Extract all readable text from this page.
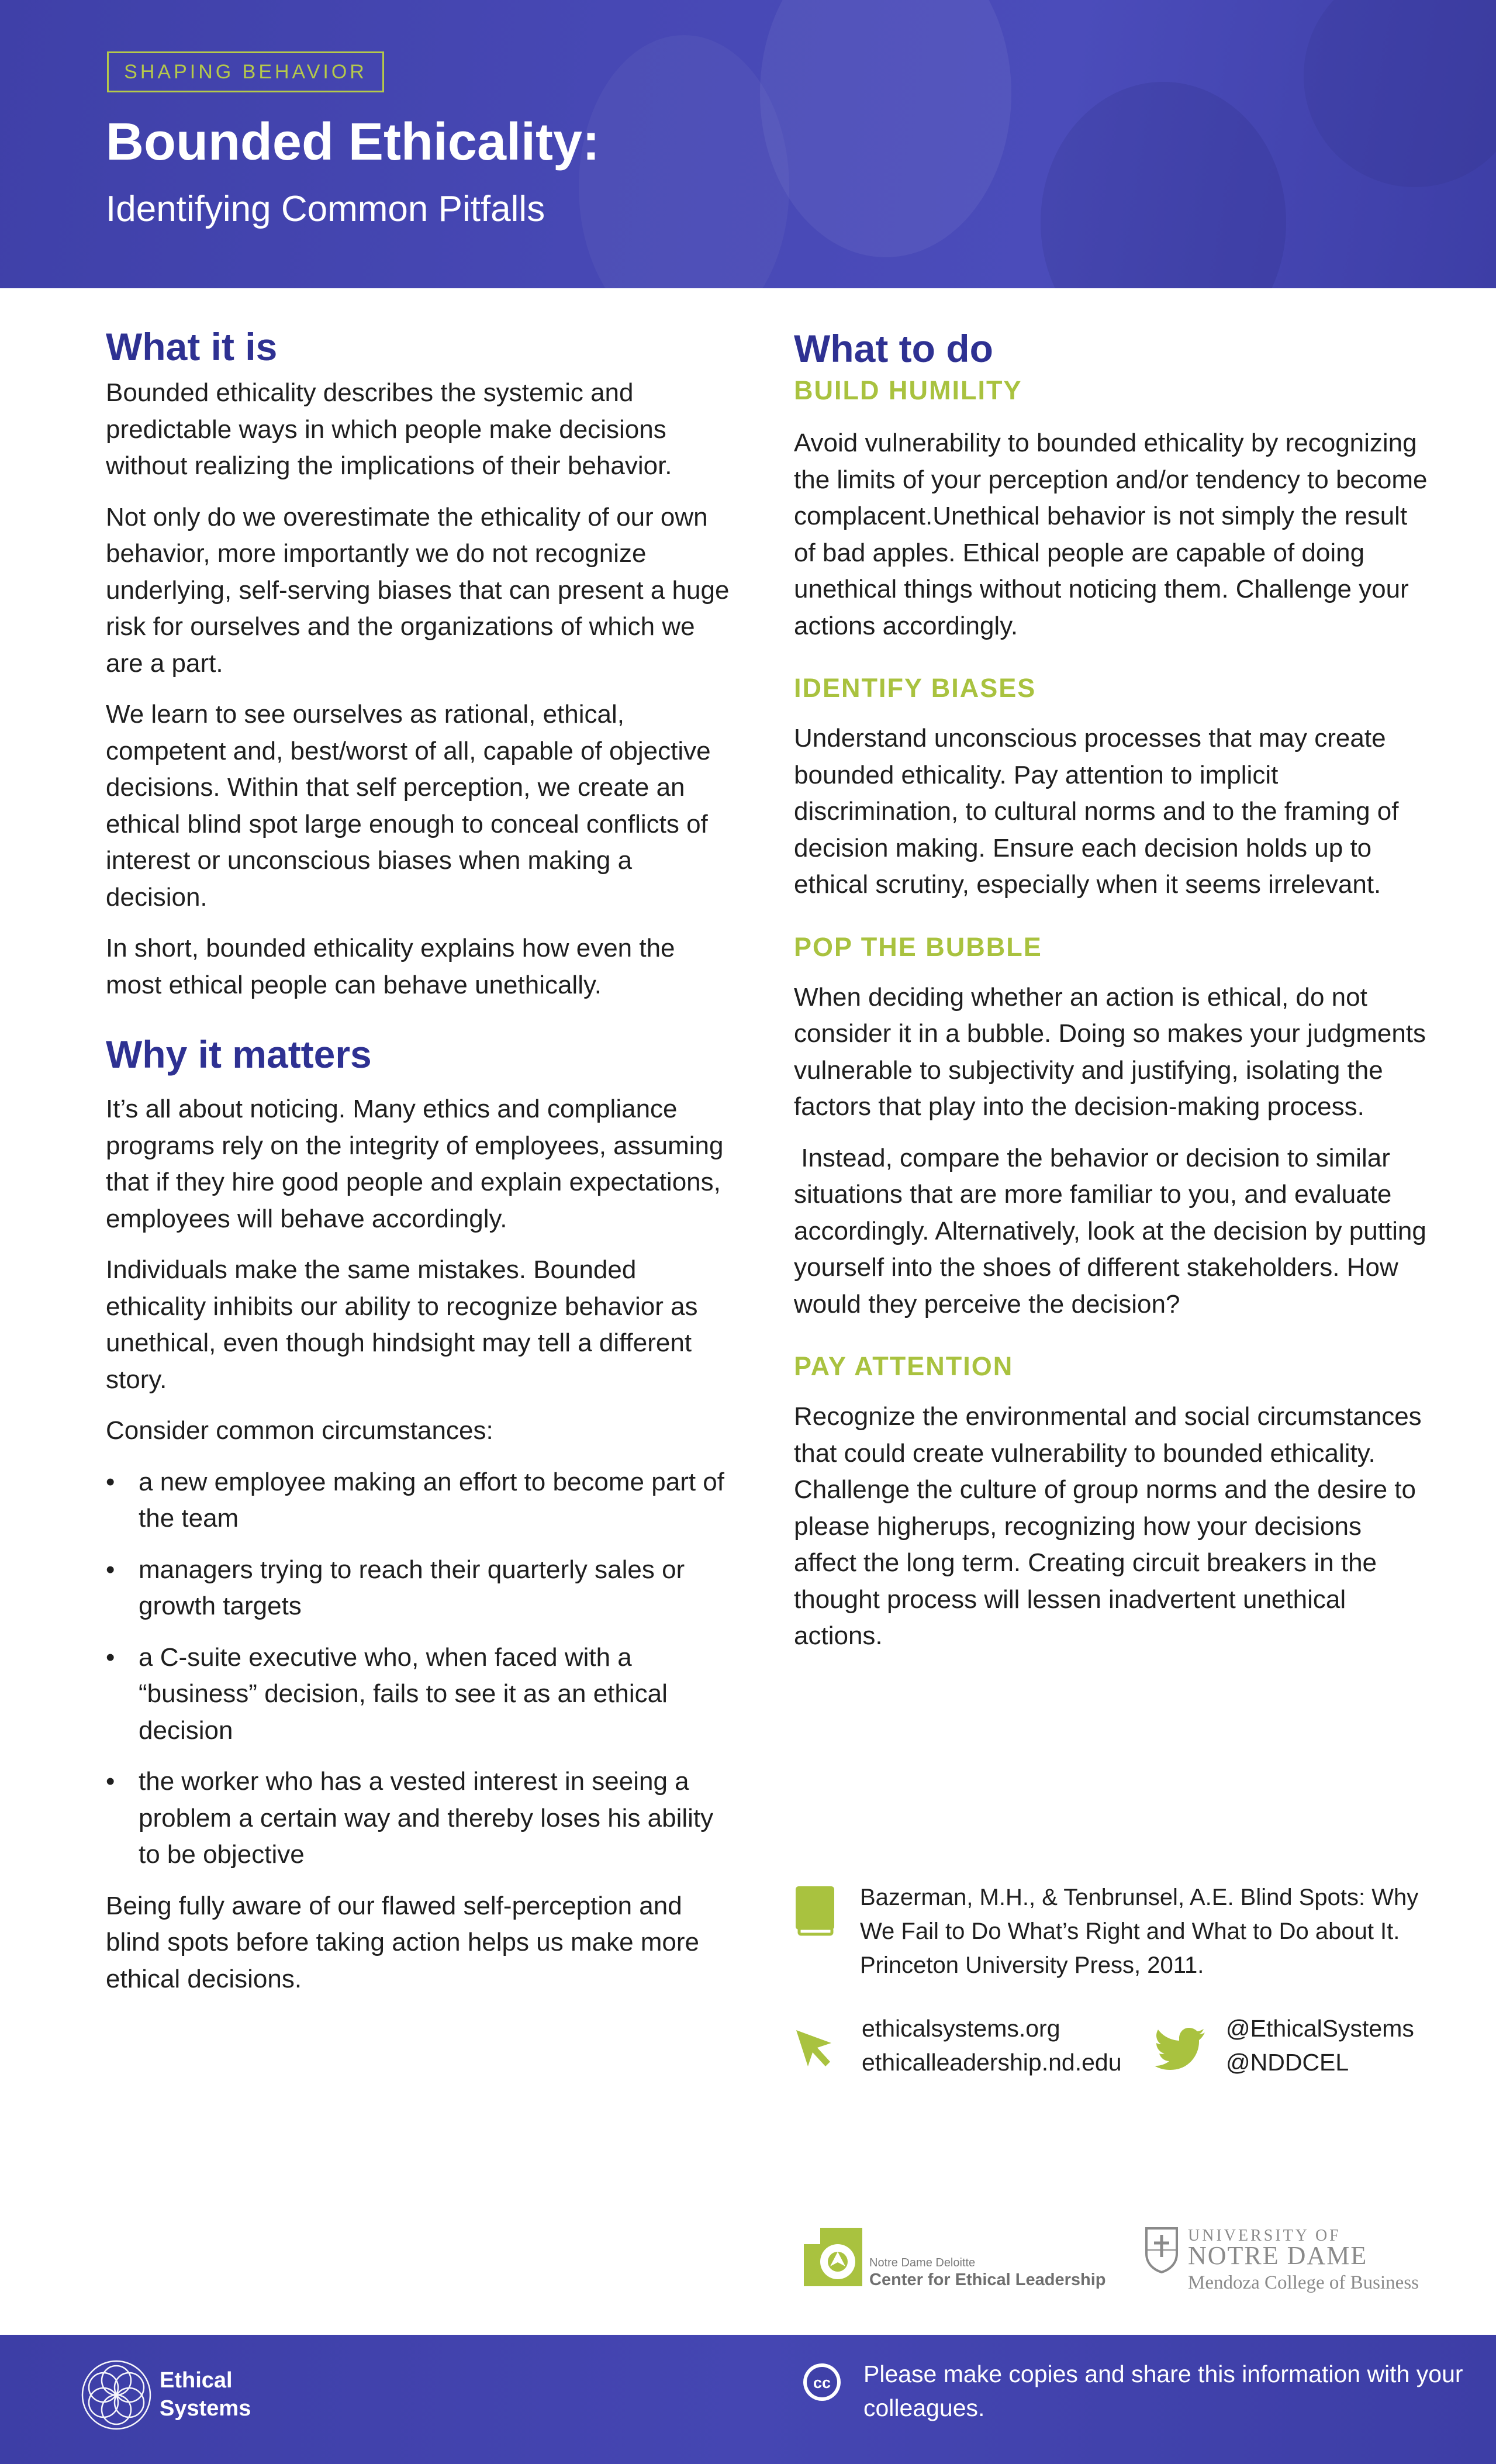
SHAPING BEHAVIOR
Bounded Ethicality:
Identifying Common Pitfalls
What it is

Bounded ethicality describes the systemic and predictable ways in which people make decisions without realizing the implications of their behavior.

Not only do we overestimate the ethicality of our own behavior, more importantly we do not recognize underlying, self-serving biases that can present a huge risk for ourselves and the organizations of which we are a part.

We learn to see ourselves as rational, ethical, competent and, best/worst of all, capable of objective decisions. Within that self perception, we create an ethical blind spot large enough to conceal conflicts of interest or unconscious biases when making a decision.

In short, bounded ethicality explains how even the most ethical people can behave unethically.

Why it matters

It’s all about noticing. Many ethics and compliance programs rely on the integrity of employees, assuming that if they hire good people and explain expectations, employees will behave accordingly.

Individuals make the same mistakes. Bounded ethicality inhibits our ability to recognize behavior as unethical, even though hindsight may tell a different story.

Consider common circumstances:

• a new employee making an effort to become part of the team
• managers trying to reach their quarterly sales or growth targets
• a C-suite executive who, when faced with a “business” decision, fails to see it as an ethical decision
• the worker who has a vested interest in seeing a problem a certain way and thereby loses his ability to be objective

Being fully aware of our flawed self-perception and blind spots before taking action helps us make more ethical decisions.

What to do
BUILD HUMILITY

Avoid vulnerability to bounded ethicality by recognizing the limits of your perception and/or tendency to become complacent.Unethical behavior is not simply the result of bad apples. Ethical people are capable of doing unethical things without noticing them. Challenge your actions accordingly.

IDENTIFY BIASES

Understand unconscious processes that may create bounded ethicality. Pay attention to implicit discrimination, to cultural norms and to the framing of decision making. Ensure each decision holds up to ethical scrutiny, especially when it seems irrelevant.

POP THE BUBBLE

When deciding whether an action is ethical, do not consider it in a bubble. Doing so makes your judgments vulnerable to subjectivity and justifying, isolating the factors that play into the decision-making process.

Instead, compare the behavior or decision to similar situations that are more familiar to you, and evaluate accordingly. Alternatively, look at the decision by putting yourself into the shoes of different stakeholders. How would they perceive the decision?

PAY ATTENTION

Recognize the environmental and social circumstances that could create vulnerability to bounded ethicality. Challenge the culture of group norms and the desire to please higherups, recognizing how your decisions affect the long term. Creating circuit breakers in the thought process will lessen inadvertent unethical actions.

Bazerman, M.H., & Tenbrunsel, A.E. Blind Spots: Why We Fail to Do What’s Right and What to Do about It. Princeton University Press, 2011.
ethicalsystems.org
ethicalleadership.nd.edu
@EthicalSystems
@NDDCEL
Notre Dame Deloitte
Center for Ethical Leadership
UNIVERSITY OF
NOTRE DAME
Mendoza College of Business
Ethical
Systems
cc Please make copies and share this information with your colleagues.
